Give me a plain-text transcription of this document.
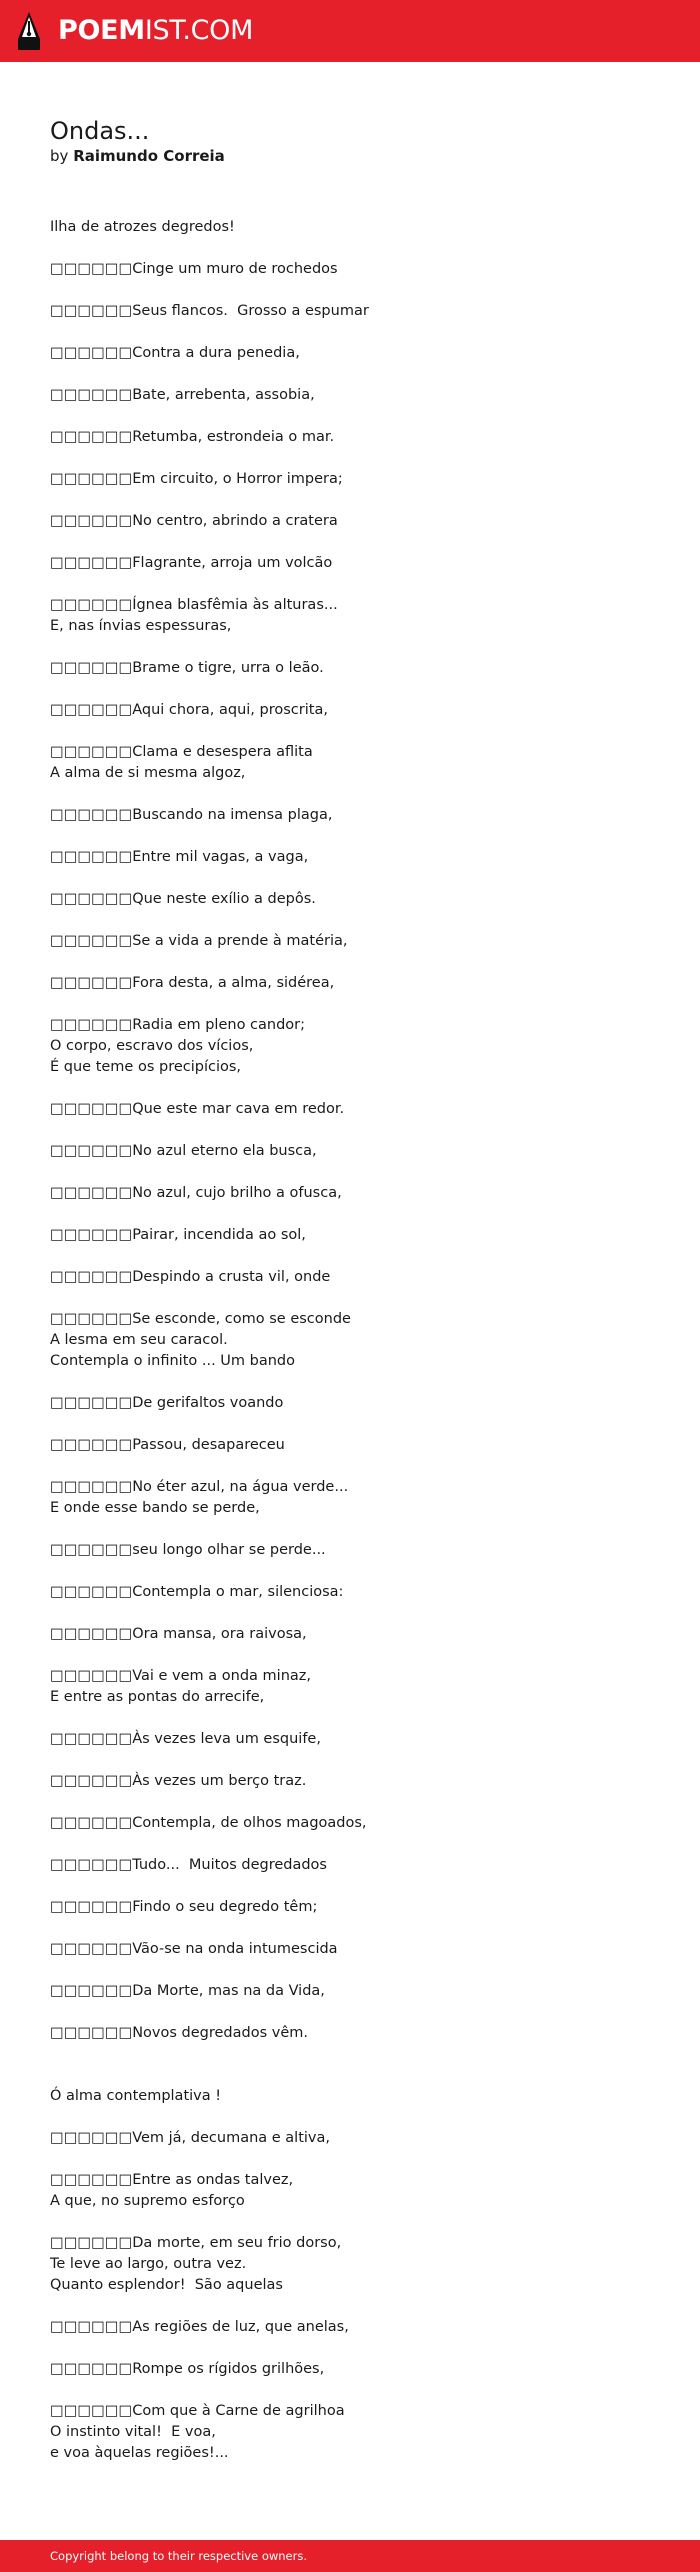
POEMIST.COM
Ondas...
by Raimundo Correia
Ilha de atrozes degredos!
□□□□□□Cinge um muro de rochedos
□□□□□□Seus flancos.  Grosso a espumar
□□□□□□Contra a dura penedia,
□□□□□□Bate, arrebenta, assobia,
□□□□□□Retumba, estrondeia o mar.
□□□□□□Em circuito, o Horror impera;
□□□□□□No centro, abrindo a cratera
□□□□□□Flagrante, arroja um volcão
□□□□□□Ígnea blasfêmia às alturas...
E, nas ínvias espessuras,
□□□□□□Brame o tigre, urra o leão.
□□□□□□Aqui chora, aqui, proscrita,
□□□□□□Clama e desespera aflita
A alma de si mesma algoz,
□□□□□□Buscando na imensa plaga,
□□□□□□Entre mil vagas, a vaga,
□□□□□□Que neste exílio a depôs.
□□□□□□Se a vida a prende à matéria,
□□□□□□Fora desta, a alma, sidérea,
□□□□□□Radia em pleno candor;
O corpo, escravo dos vícios,
É que teme os precipícios,
□□□□□□Que este mar cava em redor.
□□□□□□No azul eterno ela busca,
□□□□□□No azul, cujo brilho a ofusca,
□□□□□□Pairar, incendida ao sol,
□□□□□□Despindo a crusta vil, onde
□□□□□□Se esconde, como se esconde
A lesma em seu caracol.
Contempla o infinito ... Um bando
□□□□□□De gerifaltos voando
□□□□□□Passou, desapareceu
□□□□□□No éter azul, na água verde...
E onde esse bando se perde,
□□□□□□seu longo olhar se perde...
□□□□□□Contempla o mar, silenciosa:
□□□□□□Ora mansa, ora raivosa,
□□□□□□Vai e vem a onda minaz,
E entre as pontas do arrecife,
□□□□□□Às vezes leva um esquife,
□□□□□□Às vezes um berço traz.
□□□□□□Contempla, de olhos magoados,
□□□□□□Tudo...  Muitos degredados
□□□□□□Findo o seu degredo têm;
□□□□□□Vão-se na onda intumescida
□□□□□□Da Morte, mas na da Vida,
□□□□□□Novos degredados vêm.
Ó alma contemplativa !
□□□□□□Vem já, decumana e altiva,
□□□□□□Entre as ondas talvez,
A que, no supremo esforço
□□□□□□Da morte, em seu frio dorso,
Te leve ao largo, outra vez.
Quanto esplendor!  São aquelas
□□□□□□As regiões de luz, que anelas,
□□□□□□Rompe os rígidos grilhões,
□□□□□□Com que à Carne de agrilhoa
O instinto vital!  E voa,
e voa àquelas regiões!...
Copyright belong to their respective owners.
